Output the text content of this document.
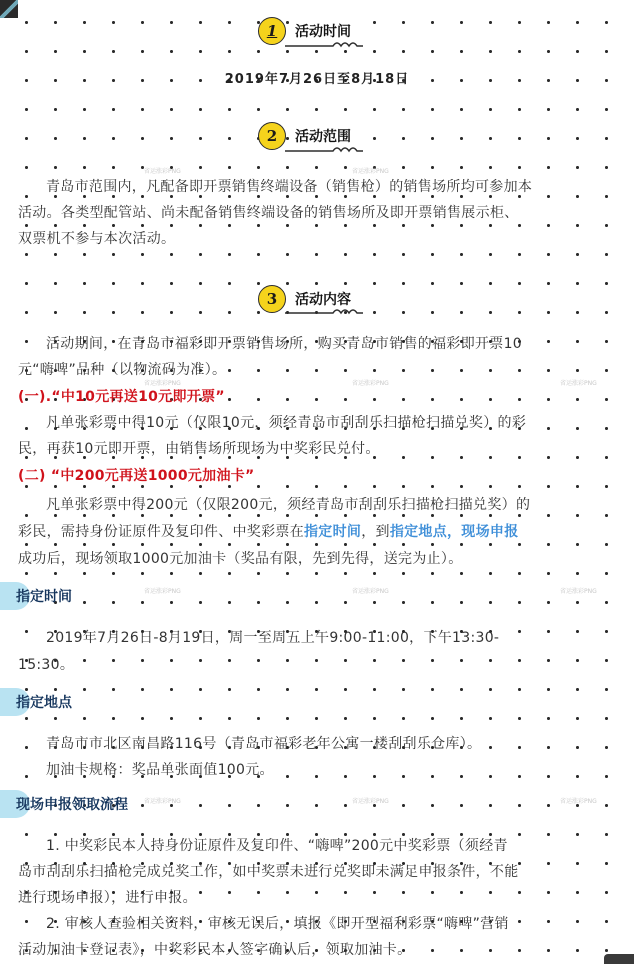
1	活动时间
2019年7月26日至8月18日
2	活动范围
青岛市范围内，凡配备即开票销售终端设备（销售枪）的销售场所均可参加本
活动。各类型配管站、尚未配备销售终端设备的销售场所及即开票销售展示柜、
双票机不参与本次活动。
3	活动内容
活动期间，在青岛市福彩即开票销售场所，购买青岛市销售的福彩即开票10
元“嗨啤”品种（以物流码为准）。
(一).“中10元再送10元即开票”
凡单张彩票中得10元（仅限10元，须经青岛市刮刮乐扫描枪扫描兑奖）的彩
民，再获10元即开票，由销售场所现场为中奖彩民兑付。
(二) “中200元再送1000元加油卡”
凡单张彩票中得200元（仅限200元，须经青岛市刮刮乐扫描枪扫描兑奖）的
彩民，需持身份证原件及复印件、中奖彩票在指定时间，到指定地点，现场申报
成功后，现场领取1000元加油卡（奖品有限，先到先得，送完为止）。
指定时间
2019年7月26日-8月19日，周一至周五上午9:00-11:00，下午13:30-
15:30。
指定地点
青岛市市北区南昌路116号（青岛市福彩老年公寓一楼刮刮乐仓库）。
加油卡规格：奖品单张面值100元。
现场申报领取流程
1. 中奖彩民本人持身份证原件及复印件、“嗨啤”200元中奖彩票（须经青
岛市刮刮乐扫描枪完成兑奖工作，如中奖票未进行兑奖即未满足申报条件，不能
进行现场申报），进行申报。
2. 审核人查验相关资料，审核无误后，填报《即开型福利彩票“嗨啤”营销
活动加油卡登记表》，中奖彩民本人签字确认后，领取加油卡。
省运涨彩PNG	省运涨彩PNG
省运涨彩PNG	省运涨彩PNG	省运涨彩PNG
省运涨彩PNG	省运涨彩PNG	省运涨彩PNG
省运涨彩PNG	省运涨彩PNG	省运涨彩PNG
